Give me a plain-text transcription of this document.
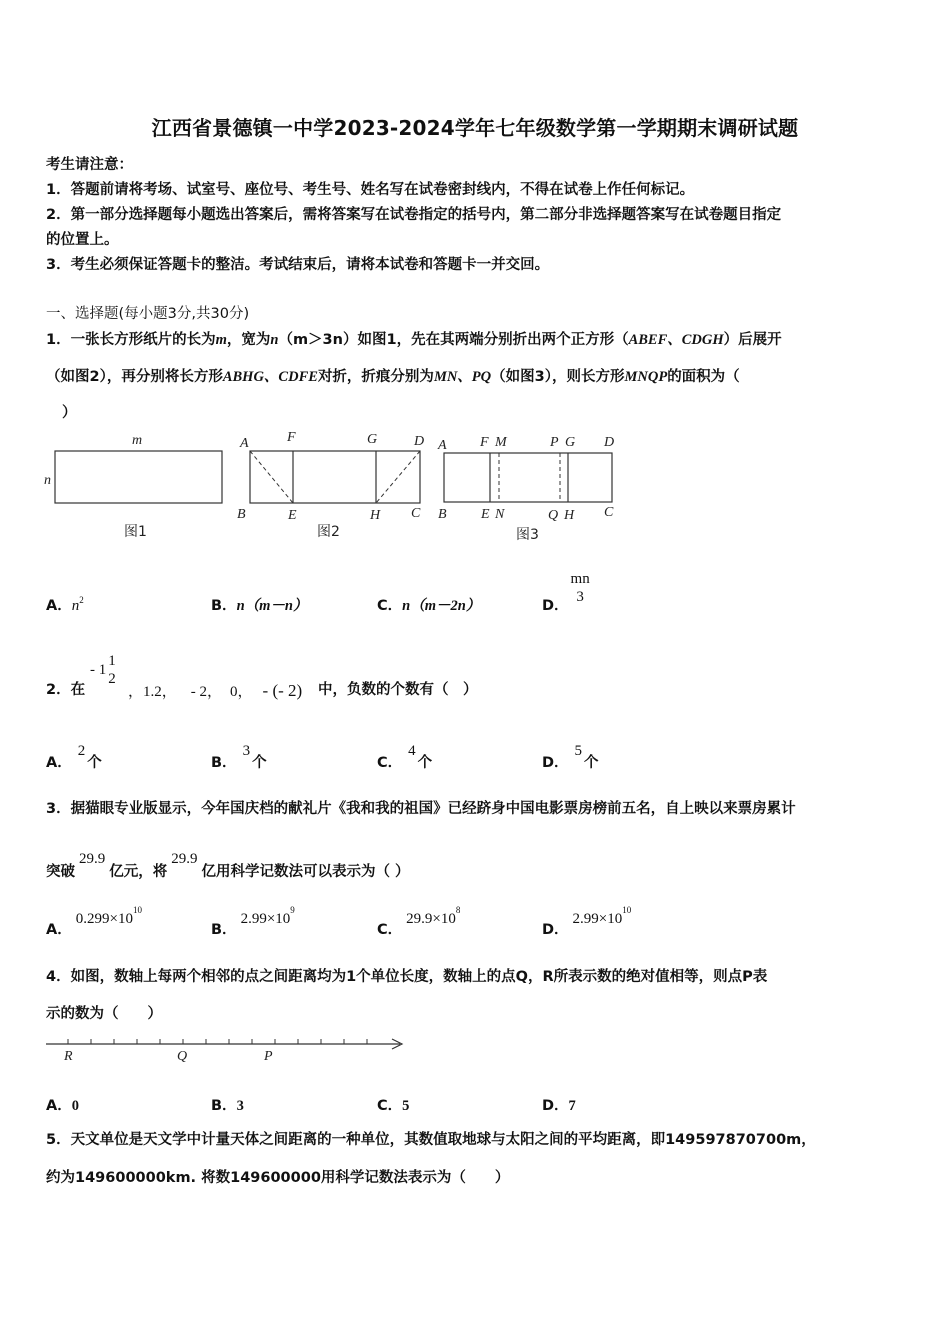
江西省景德镇一中学2023-2024学年七年级数学第一学期期末调研试题
考生请注意：
1．答题前请将考场、试室号、座位号、考生号、姓名写在试卷密封线内，不得在试卷上作任何标记。
2．第一部分选择题每小题选出答案后，需将答案写在试卷指定的括号内，第二部分非选择题答案写在试卷题目指定
的位置上。
3．考生必须保证答题卡的整洁。考试结束后，请将本试卷和答题卡一并交回。
一、选择题(每小题3分,共30分)
1．一张长方形纸片的长为m，宽为n（m＞3n）如图1，先在其两端分别折出两个正方形（ABEF、CDGH）后展开
（如图2），再分别将长方形ABHG、CDFE对折，折痕分别为MN、PQ（如图3），则长方形MNQP的面积为（
）
m
n
图1
A	F	G	D
B	E	H C
图2
A F M	P G D
B E N	Q H C
图3
A．$n^2$	B．n（m－n）	C．n（m－2n）	D．
mn
3
2．在
- 1
1
2
，1.2， - 2， 0， - (- 2) 中，负数的个数有（　）
A．2个	B．3个	C．4个	D．5个
3．据猫眼专业版显示，今年国庆档的献礼片《我和我的祖国》已经跻身中国电影票房榜前五名，自上映以来票房累计
突破29.9亿元，将29.9亿用科学记数法可以表示为（ ）
A．$0.299\times 10^{10}$
B．$2.99\times 10^9$
C．$29.9\times 10^8$
D．$2.99\times 10^{10}$
4．如图，数轴上每两个相邻的点之间距离均为1个单位长度，数轴上的点Q，R所表示数的绝对值相等，则点P表
示的数为（　　）
R	Q	P
A．0	B．3	C．5	D．7
5．天文单位是天文学中计量天体之间距离的一种单位，其数值取地球与太阳之间的平均距离，即149597870700m，
约为149600000km. 将数149600000用科学记数法表示为（　　）
